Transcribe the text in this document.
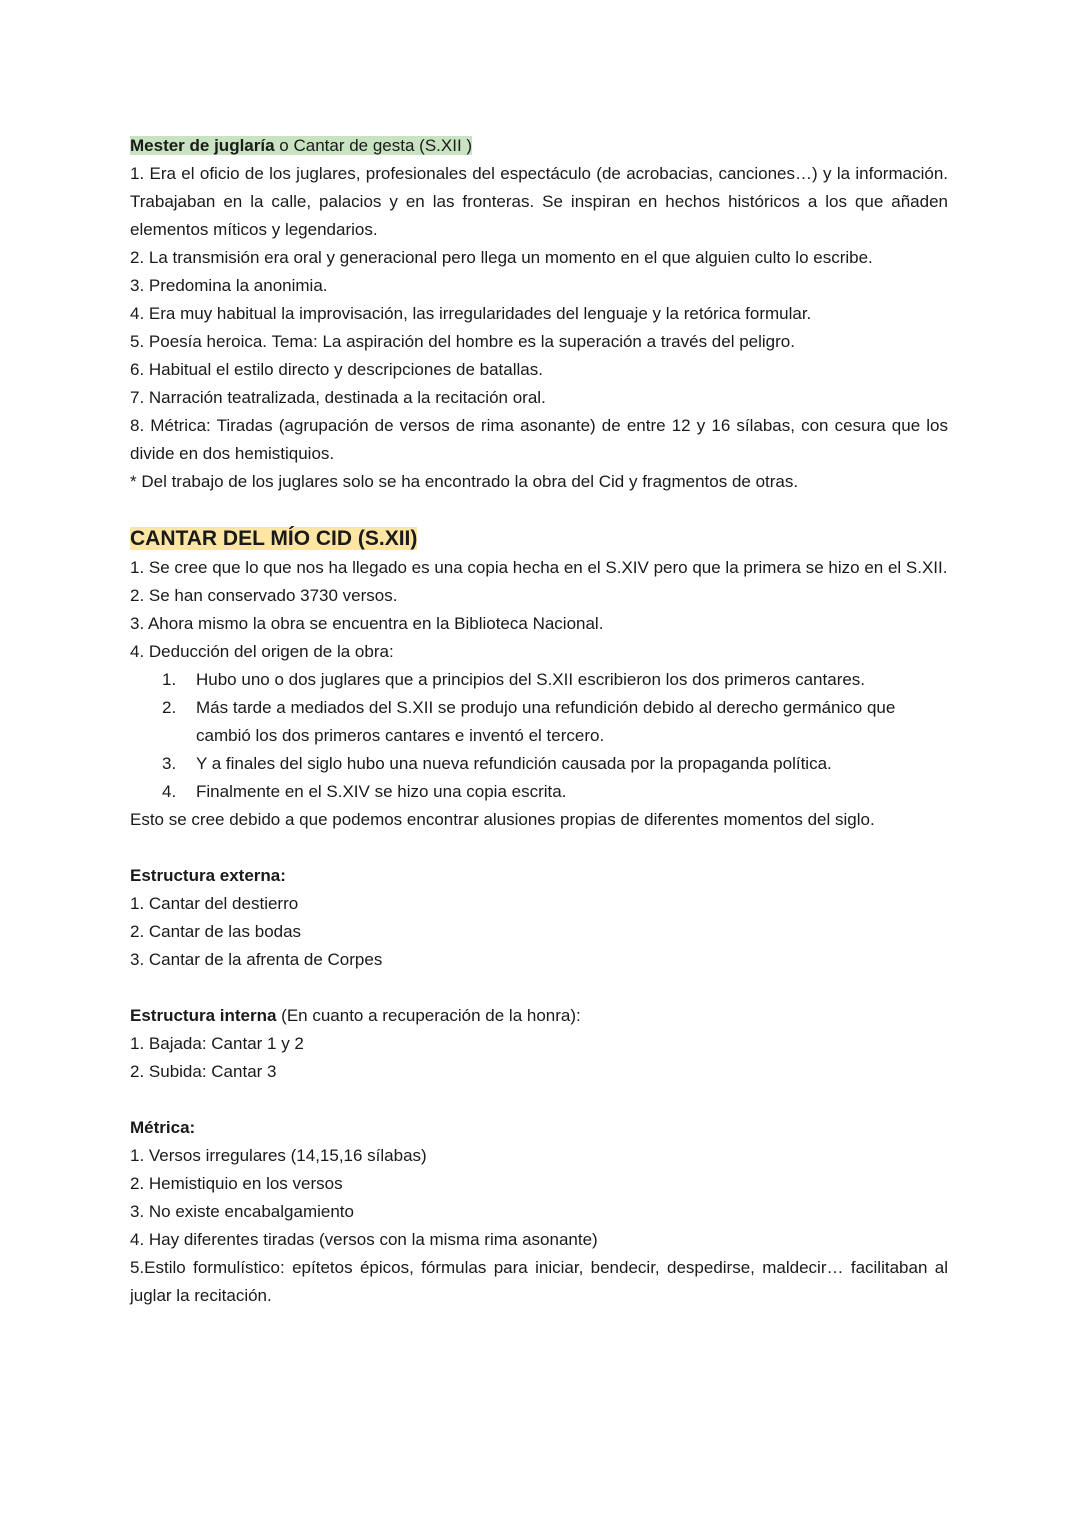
Mester de juglaría o Cantar de gesta (S.XII )

1. Era el oficio de los juglares, profesionales del espectáculo (de acrobacias, canciones…) y la información. Trabajaban en la calle, palacios y en las fronteras. Se inspiran en hechos históricos a los que añaden elementos míticos y legendarios.

2. La transmisión era oral y generacional pero llega un momento en el que alguien culto lo escribe.

3. Predomina la anonimia.

4. Era muy habitual la improvisación, las irregularidades del lenguaje y la retórica formular.

5. Poesía heroica. Tema: La aspiración del hombre es la superación a través del peligro.

6. Habitual el estilo directo y descripciones de batallas.

7. Narración teatralizada, destinada a la recitación oral.

8. Métrica: Tiradas (agrupación de versos de rima asonante) de entre 12 y 16 sílabas, con cesura que los divide en dos hemistiquios.

* Del trabajo de los juglares solo se ha encontrado la obra del Cid y fragmentos de otras.

CANTAR DEL MÍO CID (S.XII)

1. Se cree que lo que nos ha llegado es una copia hecha en el S.XIV pero que la primera se hizo en el S.XII.

2. Se han conservado 3730 versos.

3. Ahora mismo la obra se encuentra en la Biblioteca Nacional.

4. Deducción del origen de la obra:

1.	Hubo uno o dos juglares que a principios del S.XII escribieron los dos primeros cantares.
2.	Más tarde a mediados del S.XII se produjo una refundición debido al derecho germánico que cambió los dos primeros cantares e inventó el tercero.
3.	Y a finales del siglo hubo una nueva refundición causada por la propaganda política.
4.	Finalmente en el S.XIV se hizo una copia escrita.

Esto se cree debido a que podemos encontrar alusiones propias de diferentes momentos del siglo.

Estructura externa:

1. Cantar del destierro

2. Cantar de las bodas

3. Cantar de la afrenta de Corpes

Estructura interna (En cuanto a recuperación de la honra):

1. Bajada: Cantar 1 y 2

2. Subida: Cantar 3

Métrica:

1. Versos irregulares (14,15,16 sílabas)

2. Hemistiquio en los versos

3. No existe encabalgamiento

4. Hay diferentes tiradas (versos con la misma rima asonante)

5.Estilo formulístico: epítetos épicos, fórmulas para iniciar, bendecir, despedirse, maldecir… facilitaban al juglar la recitación.
